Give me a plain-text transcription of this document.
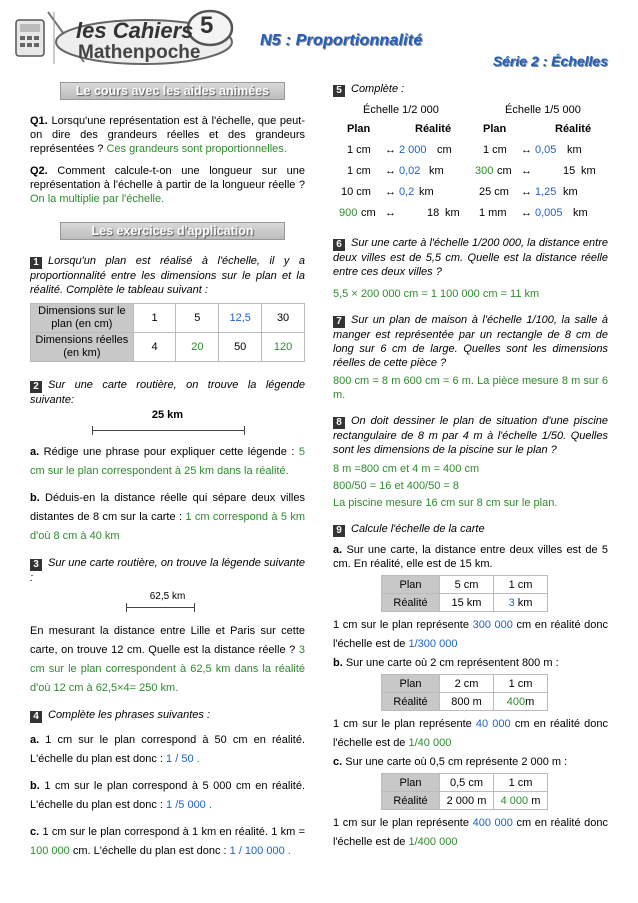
les Cahiers
Mathenpoche
5
N5 : Proportionnalité
Série 2 : Échelles
Le cours avec les aides animées

Q1. Lorsqu'une représentation est à l'échelle, que peut-on dire des grandeurs réelles et des grandeurs représentées ? Ces grandeurs sont proportionnelles.

Q2. Comment calcule-t-on une longueur sur une représentation à l'échelle à partir de la longueur réelle ? On la multiplie par l'échelle.

Les exercices d'application

1 Lorsqu'un plan est réalisé à l'échelle, il y a proportionnalité entre les dimensions sur le plan et la réalité. Complète le tableau suivant :

Dimensions sur le plan (en cm)	1	5	12,5	30
Dimensions réelles (en km)	4	20	50	120

2 Sur une carte routière, on trouve la légende suivante:

25 km

a. Rédige une phrase pour expliquer cette légende : 5 cm sur le plan correspondent à 25 km dans la réalité.

b. Déduis-en la distance réelle qui sépare deux villes distantes de 8 cm sur la carte : 1 cm correspond à 5 km d'où 8 cm à 40 km

3 Sur une carte routière, on trouve la légende suivante :

62,5 km

En mesurant la distance entre Lille et Paris sur cette carte, on trouve 12 cm. Quelle est la distance réelle ? 3 cm sur le plan correspondent à 62,5 km dans la réalité d'où 12 cm à 62,5×4= 250 km.

4 Complète les phrases suivantes :

a. 1 cm sur le plan correspond à 50 cm en réalité. L'échelle du plan est donc : 1 / 50 .

b. 1 cm sur le plan correspond à 5 000 cm en réalité. L'échelle du plan est donc : 1 /5 000 .

c. 1 cm sur le plan correspond à 1 km en réalité. 1 km = 100 000 cm. L'échelle du plan est donc : 1 / 100 000 .

5 Complète :

Échelle 1/2 000	Échelle 1/5 000
Plan	Réalité	Plan	Réalité
1 cm ↔ 2 000 cm	1 cm ↔ 0,05 km
1 cm ↔ 0,02 km	300 cm ↔	15 km
10 cm ↔ 0,2 km	25 cm ↔ 1,25 km
900 cm ↔	18 km 1 mm ↔ 0,005 km

6 Sur une carte à l'échelle 1/200 000, la distance entre deux villes est de 5,5 cm. Quelle est la distance réelle entre ces deux villes ?

5,5 × 200 000 cm = 1 100 000 cm = 11 km

7 Sur un plan de maison à l'échelle 1/100, la salle à manger est représentée par un rectangle de 8 cm de long sur 6 cm de large. Quelles sont les dimensions réelles de cette pièce ?

800 cm = 8 m 600 cm = 6 m. La pièce mesure 8 m sur 6 m.

8 On doit dessiner le plan de situation d'une piscine rectangulaire de 8 m par 4 m à l'échelle 1/50. Quelles sont les dimensions de la piscine sur le plan ?

8 m =800 cm et 4 m = 400 cm

800/50 = 16 et 400/50 = 8

La piscine mesure 16 cm sur 8 cm sur le plan.

9 Calcule l'échelle de la carte

a. Sur une carte, la distance entre deux villes est de 5 cm. En réalité, elle est de 15 km.

Plan	5 cm	1 cm
Réalité	15 km	3 km

1 cm sur le plan représente 300 000 cm en réalité donc l'échelle est de 1/300 000

b. Sur une carte où 2 cm représentent 800 m :

Plan	2 cm	1 cm
Réalité	800 m	400m

1 cm sur le plan représente 40 000 cm en réalité donc l'échelle est de 1/40 000

c. Sur une carte où 0,5 cm représente 2 000 m :

Plan	0,5 cm	1 cm
Réalité	2 000 m	4 000 m

1 cm sur le plan représente 400 000 cm en réalité donc l'échelle est de 1/400 000
